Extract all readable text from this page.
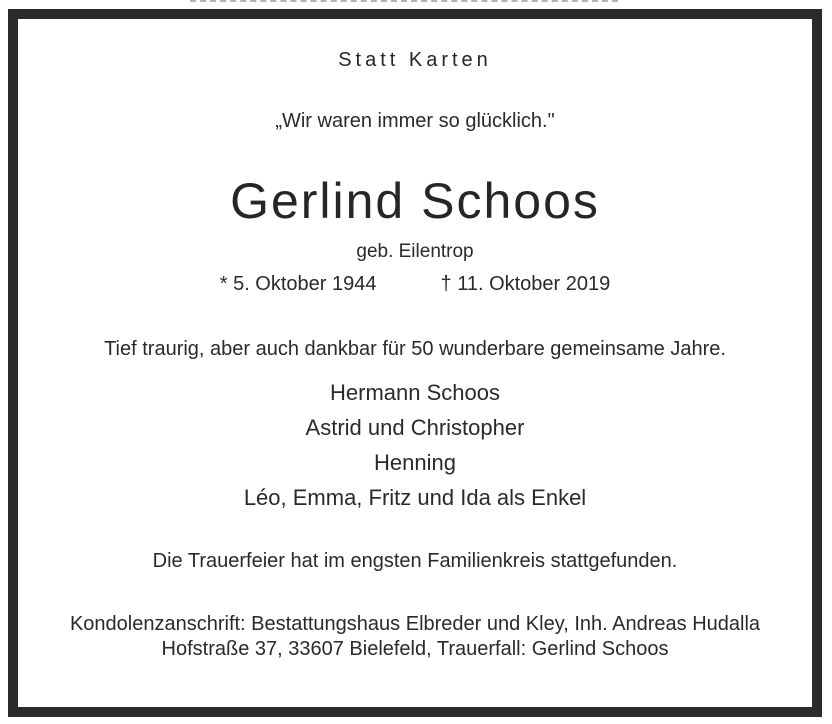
Statt Karten
„Wir waren immer so glücklich."
Gerlind Schoos
geb. Eilentrop
* 5. Oktober 1944	† 11. Oktober 2019
Tief traurig, aber auch dankbar für 50 wunderbare gemeinsame Jahre.
Hermann Schoos
Astrid und Christopher
Henning
Léo, Emma, Fritz und Ida als Enkel
Die Trauerfeier hat im engsten Familienkreis stattgefunden.
Kondolenzanschrift: Bestattungshaus Elbreder und Kley, Inh. Andreas Hudalla
Hofstraße 37, 33607 Bielefeld, Trauerfall: Gerlind Schoos
